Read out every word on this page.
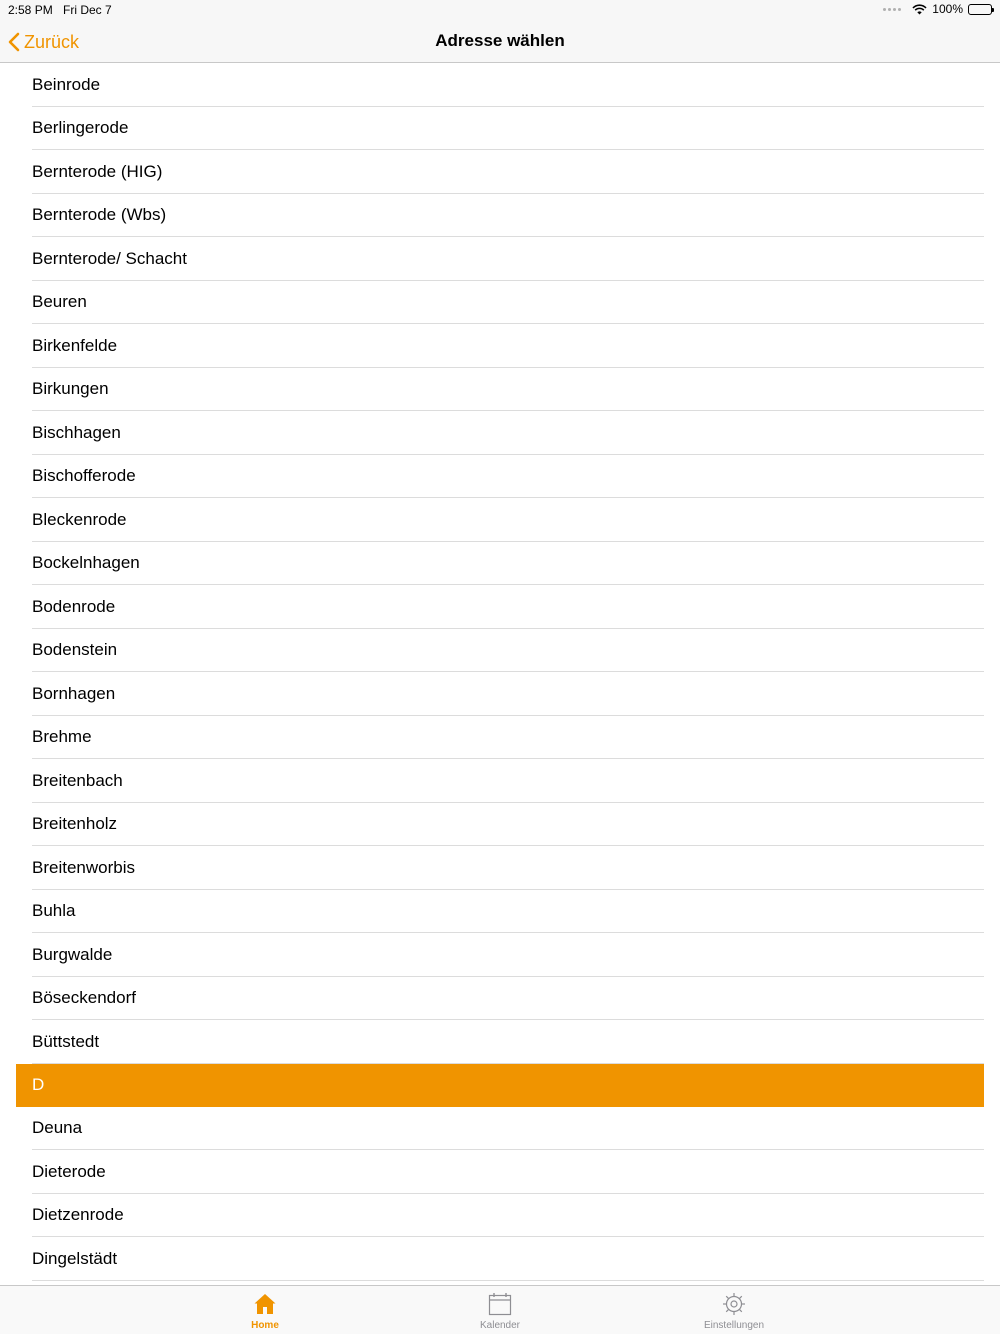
2:58 PM Fri Dec 7	100%
Zurück	Adresse wählen
Beinrode
Berlingerode
Bernterode (HIG)
Bernterode (Wbs)
Bernterode/ Schacht
Beuren
Birkenfelde
Birkungen
Bischhagen
Bischofferode
Bleckenrode
Bockelnhagen
Bodenrode
Bodenstein
Bornhagen
Brehme
Breitenbach
Breitenholz
Breitenworbis
Buhla
Burgwalde
Böseckendorf
Büttstedt
D
Deuna
Dieterode
Dietzenrode
Dingelstädt
Home	Kalender	Einstellungen
